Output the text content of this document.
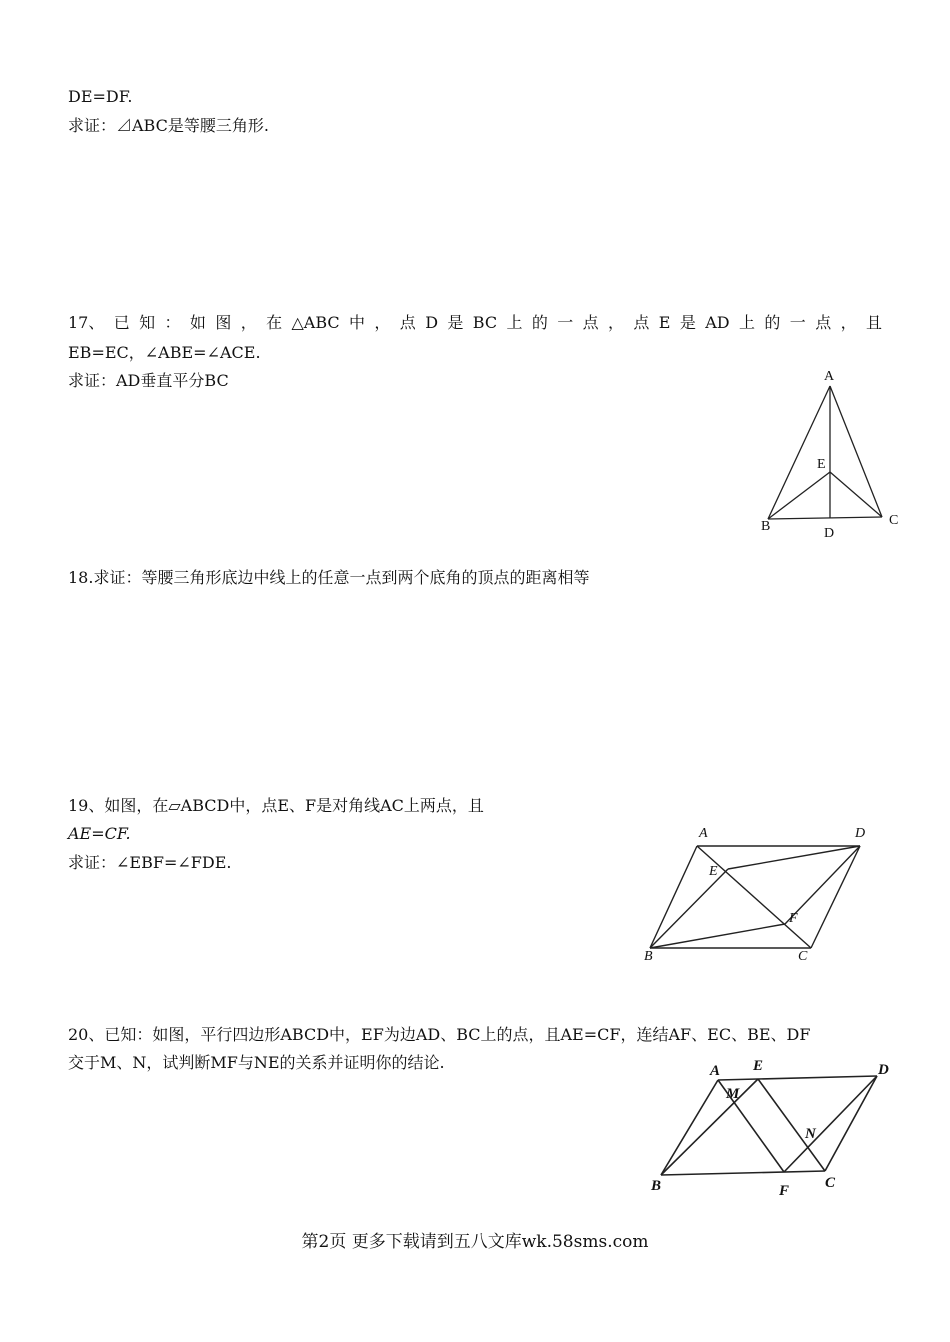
DE=DF.
求证：⊿ABC是等腰三角形.
17、 已 知 ： 如 图 ， 在 △ABC 中 ， 点 D 是 BC 上 的 一 点 ， 点 E 是 AD 上 的 一 点 ， 且
EB=EC，∠ABE=∠ACE.
求证：AD垂直平分BC	A
E
B	C
D
18.求证：等腰三角形底边中线上的任意一点到两个底角的顶点的距离相等
19、如图，在▱ABCD中，点E、F是对角线AC上两点，且
AE=CF.
求证：∠EBF=∠FDE.
A	D
E
F
B	C
20、已知：如图，平行四边形ABCD中，EF为边AD、BC上的点，且AE=CF，连结AF、EC、BE、DF
交于M、N，试判断MF与NE的关系并证明你的结论.	A E	D
M
N
B	F C
第2页 更多下载请到五八文库wk.58sms.com
